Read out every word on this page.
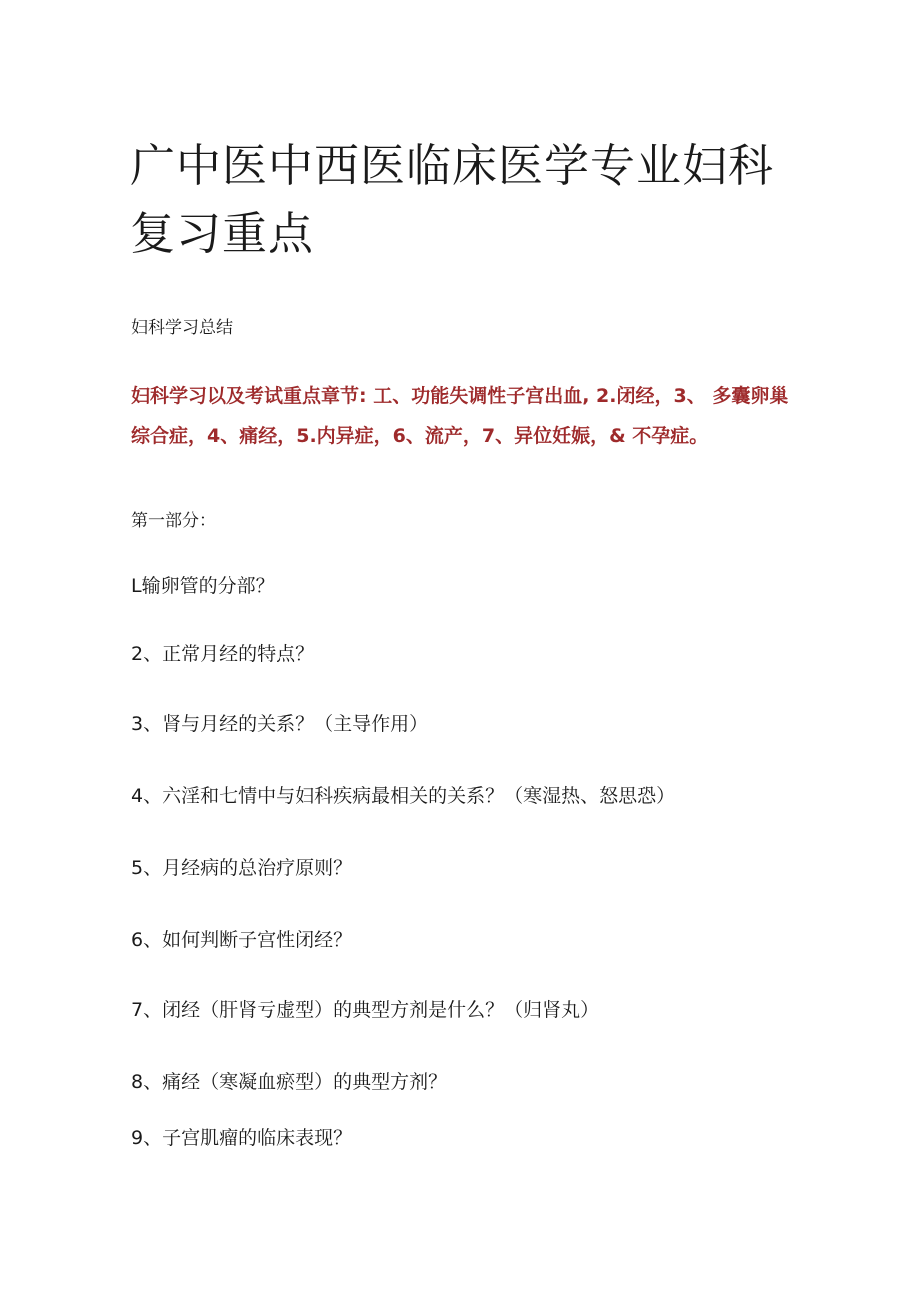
广中医中西医临床医学专业妇科复习重点
妇科学习总结

妇科学习以及考试重点章节: 工、功能失调性子宫出血, 2.闭经，3、 多囊卵巢综合症，4、痛经，5.内异症，6、流产，7、异位妊娠，& 不孕症。

第一部分：
L输卵管的分部？
2、正常月经的特点？
3、肾与月经的关系？（主导作用）
4、六淫和七情中与妇科疾病最相关的关系？（寒湿热、怒思恐）
5、月经病的总治疗原则？
6、如何判断子宫性闭经？
7、闭经（肝肾亏虚型）的典型方剂是什么？（归肾丸）
8、痛经（寒凝血瘀型）的典型方剂？
9、子宫肌瘤的临床表现？
